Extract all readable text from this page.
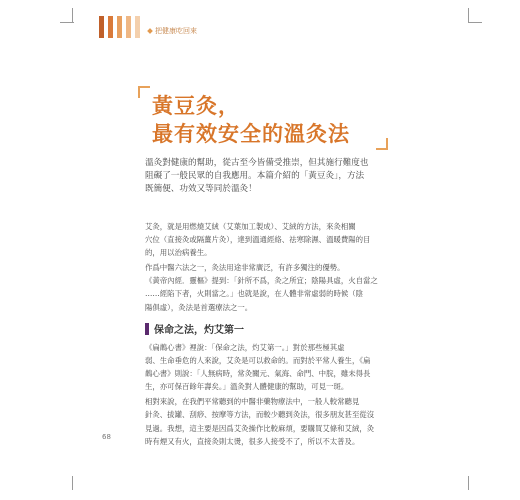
把健康吃回來
黃豆灸，
最有效安全的溫灸法

溫灸對健康的幫助，從古至今皆備受推崇，但其施行難度也

阻礙了一般民眾的自我應用。本篇介紹的「黃豆灸」，方法

既簡便、功效又等同於溫灸！

艾灸，就是用燃燒艾絨（艾葉加工製成）、艾絨的方法，來灸相關
穴位（直接灸或隔薑片灸），達到溫通經絡、祛寒除濕、溫暖費陽的目
的，用以治病養生。

作爲中醫六法之一，灸法用途非常廣泛，有許多獨注的優勢。
《黃帝內經．靈樞》提到：「針所不爲，灸之所宜；陰陽具虛，火自當之
……經陷下者，火則當之。」也就是說，在人體非常虛弱的時候（陰
陽俱虛），灸法是首選療法之一。

保命之法，灼艾第一

《扁鵲心書》裡說：「保命之法，灼艾第一。」對於那些極其虛
弱、生命垂危的人來說，艾灸是可以救命的。而對於平常人養生，《扁
鵲心書》則說：「人無病時，常灸關元、氣海、命門、中脘，雖未得長
生，亦可保百餘年壽矣。」溫灸對人體健康的幫助，可見一斑。

相對來說，在我們平常聽到的中醫非藥物療法中，一般人較常聽見
針灸、拔罐、刮痧、按摩等方法，而較少聽到灸法，很多朋友甚至從沒
見過。我想，這主要是因爲艾灸操作比較麻煩，要購買艾條和艾絨，灸
時有煙又有火，直接灸則太燙，很多人接受不了，所以不太普及。

68
